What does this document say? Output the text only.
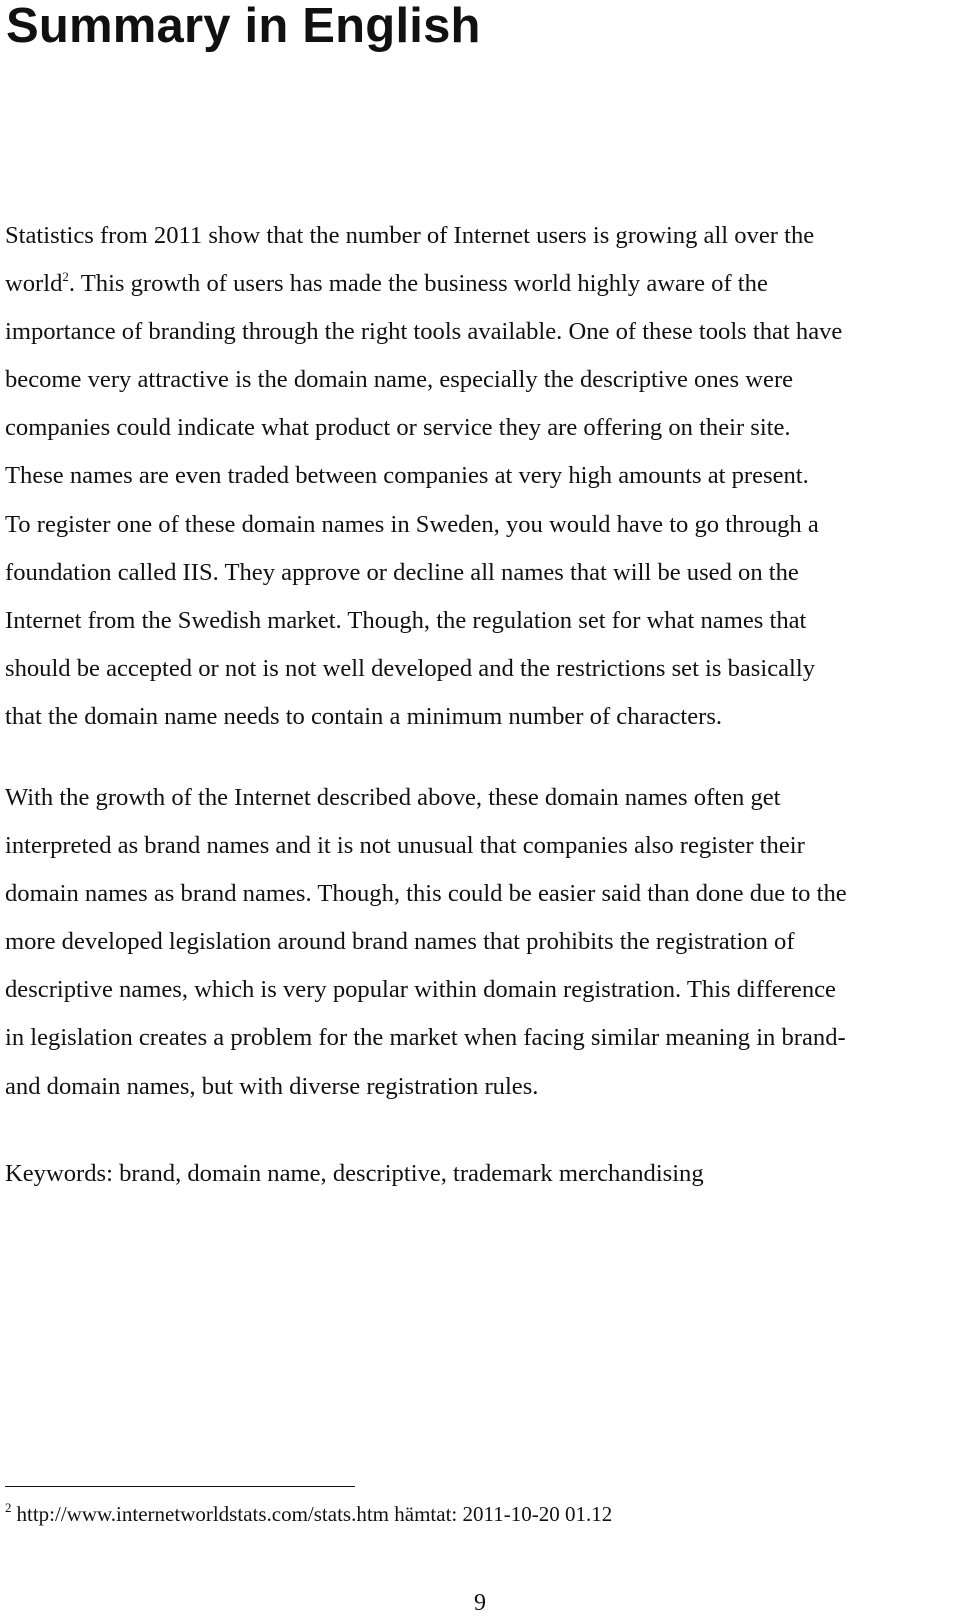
Summary in English
Statistics from 2011 show that the number of Internet users is growing all over the
world$^2$. This growth of users has made the business world highly aware of the
importance of branding through the right tools available. One of these tools that have
become very attractive is the domain name, especially the descriptive ones were
companies could indicate what product or service they are offering on their site.
These names are even traded between companies at very high amounts at present.
To register one of these domain names in Sweden, you would have to go through a
foundation called IIS. They approve or decline all names that will be used on the
Internet from the Swedish market. Though, the regulation set for what names that
should be accepted or not is not well developed and the restrictions set is basically
that the domain name needs to contain a minimum number of characters.
With the growth of the Internet described above, these domain names often get
interpreted as brand names and it is not unusual that companies also register their
domain names as brand names. Though, this could be easier said than done due to the
more developed legislation around brand names that prohibits the registration of
descriptive names, which is very popular within domain registration. This difference
in legislation creates a problem for the market when facing similar meaning in brand-
and domain names, but with diverse registration rules.

Keywords: brand, domain name, descriptive, trademark merchandising

$^2$ http://www.internetworldstats.com/stats.htm hämtat: 2011-10-20 01.12

9
